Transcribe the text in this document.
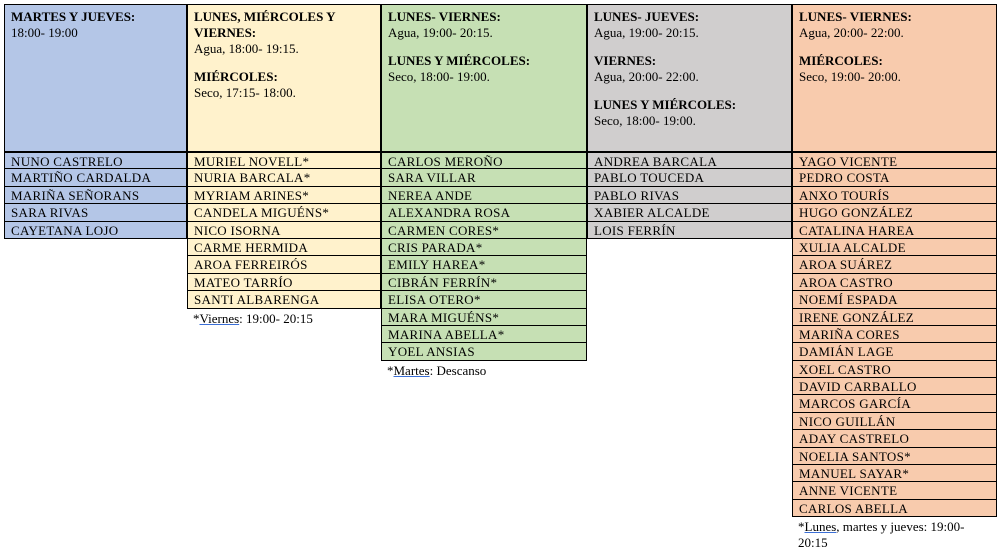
MARTES Y JUEVES:
18:00- 19:00
NUNO CASTRELO
MARTIÑO CARDALDA
MARIÑA SEÑORANS
SARA RIVAS
CAYETANA LOJO
LUNES, MIÉRCOLES Y
VIERNES:
Agua, 18:00- 19:15.
MIÉRCOLES:
Seco, 17:15- 18:00.
MURIEL NOVELL*
NURIA BARCALA*
MYRIAM ARINES*
CANDELA MIGUÉNS*
NICO ISORNA
CARME HERMIDA
AROA FERREIRÓS
MATEO TARRÍO
SANTI ALBARENGA
*Viernes: 19:00- 20:15
LUNES- VIERNES:
Agua, 19:00- 20:15.
LUNES Y MIÉRCOLES:
Seco, 18:00- 19:00.
CARLOS MEROÑO
SARA VILLAR
NEREA ANDE
ALEXANDRA ROSA
CARMEN CORES*
CRIS PARADA*
EMILY HAREA*
CIBRÁN FERRÍN*
ELISA OTERO*
MARA MIGUÉNS*
MARINA ABELLA*
YOEL ANSIAS
*Martes: Descanso
LUNES- JUEVES:
Agua, 19:00- 20:15.
VIERNES:
Agua, 20:00- 22:00.
LUNES Y MIÉRCOLES:
Seco, 18:00- 19:00.
ANDREA BARCALA
PABLO TOUCEDA
PABLO RIVAS
XABIER ALCALDE
LOIS FERRÍN
LUNES- VIERNES:
Agua, 20:00- 22:00.
MIÉRCOLES:
Seco, 19:00- 20:00.
YAGO VICENTE
PEDRO COSTA
ANXO TOURÍS
HUGO GONZÁLEZ
CATALINA HAREA
XULIA ALCALDE
AROA SUÁREZ
AROA CASTRO
NOEMÍ ESPADA
IRENE GONZÁLEZ
MARIÑA CORES
DAMIÁN LAGE
XOEL CASTRO
DAVID CARBALLO
MARCOS GARCÍA
NICO GUILLÁN
ADAY CASTRELO
NOELIA SANTOS*
MANUEL SAYAR*
ANNE VICENTE
CARLOS ABELLA
*Lunes, martes y jueves: 19:00- 20:15
